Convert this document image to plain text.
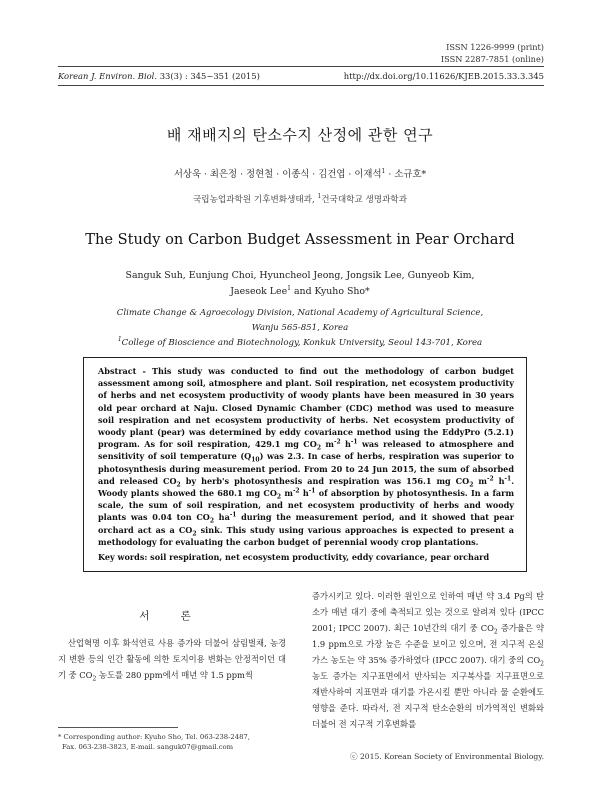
ISSN 1226-9999 (print)
ISSN 2287-7851 (online)
Korean J. Environ. Biol. 33(3) : 345~351 (2015)	http://dx.doi.org/10.11626/KJEB.2015.33.3.345
배 재배지의 탄소수지 산정에 관한 연구
서상욱 · 최은정 · 정현철 · 이종식 · 김건엽 · 이재석$^1$ · 소규호*
국립농업과학원 기후변화생태과, $^1$건국대학교 생명과학과
The Study on Carbon Budget Assessment in Pear Orchard
Sanguk Suh, Eunjung Choi, Hyuncheol Jeong, Jongsik Lee, Gunyeob Kim,
Jaeseok Lee$^1$ and Kyuho Sho*
Climate Change & Agroecology Division, National Academy of Agricultural Science,
Wanju 565-851, Korea
$^1$College of Bioscience and Biotechnology, Konkuk University, Seoul 143-701, Korea
Abstract - This study was conducted to find out the methodology of carbon budget assessment among soil, atmosphere and plant. Soil respiration, net ecosystem productivity of herbs and net ecosystem productivity of woody plants have been measured in 30 years old pear orchard at Naju. Closed Dynamic Chamber (CDC) method was used to measure soil respiration and net ecosystem productivity of herbs. Net ecosystem productivity of woody plant (pear) was determined by eddy covariance method using the EddyPro (5.2.1) program. As for soil respiration, 429.1 mg $CO_2$ $m^{-2}$ $h^{-1}$ was released to atmosphere and sensitivity of soil temperature $(Q_{10})$ was 2.3. In case of herbs, respiration was superior to photosynthesis during measurement period. From 20 to 24 Jun 2015, the sum of absorbed and released $CO_2$ by herb's photosynthesis and respiration was 156.1 mg $CO_2$ $m^{-2}$ $h^{-1}$. Woody plants showed the 680.1 mg $CO_2$ $m^{-2}$ $h^{-1}$ of absorption by photosynthesis. In a farm scale, the sum of soil respiration, and net ecosystem productivity of herbs and woody plants was 0.04 ton $CO_2$ $ha^{-1}$ during the measurement period, and it showed that pear orchard act as a $CO_2$ sink. This study using various approaches is expected to present a methodology for evaluating the carbon budget of perennial woody crop plantations.
Key words: soil respiration, net ecosystem productivity, eddy covariance, pear orchard
서 론
산업혁명 이후 화석연료 사용 증가와 더불어 삼림벌채, 농경지 변환 등의 인간 활동에 의한 토지이용 변화는 안정적이던 대기 중 $CO_2$ 농도를 280 ppm에서 매년 약 1.5 ppm씩
증가시키고 있다. 이러한 원인으로 인하여 매년 약 3.4 Pg의 탄소가 매년 대기 중에 축적되고 있는 것으로 알려져 있다 (IPCC 2001; IPCC 2007). 최근 10년간의 대기 중 $CO_2$ 증가율은 약 1.9 ppm으로 가장 높은 수준을 보이고 있으며, 전 지구적 온실가스 농도는 약 35% 증가하였다 (IPCC 2007). 대기 중의 $CO_2$ 농도 증가는 지구표면에서 반사되는 지구복사를 지구표면으로 재반사하여 지표면과 대기를 가온시킬 뿐만 아니라 물 순환에도 영향을 준다. 따라서, 전 지구적 탄소순환의 비가역적인 변화와 더불어 전 지구적 기후변화를
* Corresponding author: Kyuho Sho, Tel. 063-238-2487,
Fax. 063-238-3823, E-mail. sanguk07@gmail.com
ⓒ 2015. Korean Society of Environmental Biology.
